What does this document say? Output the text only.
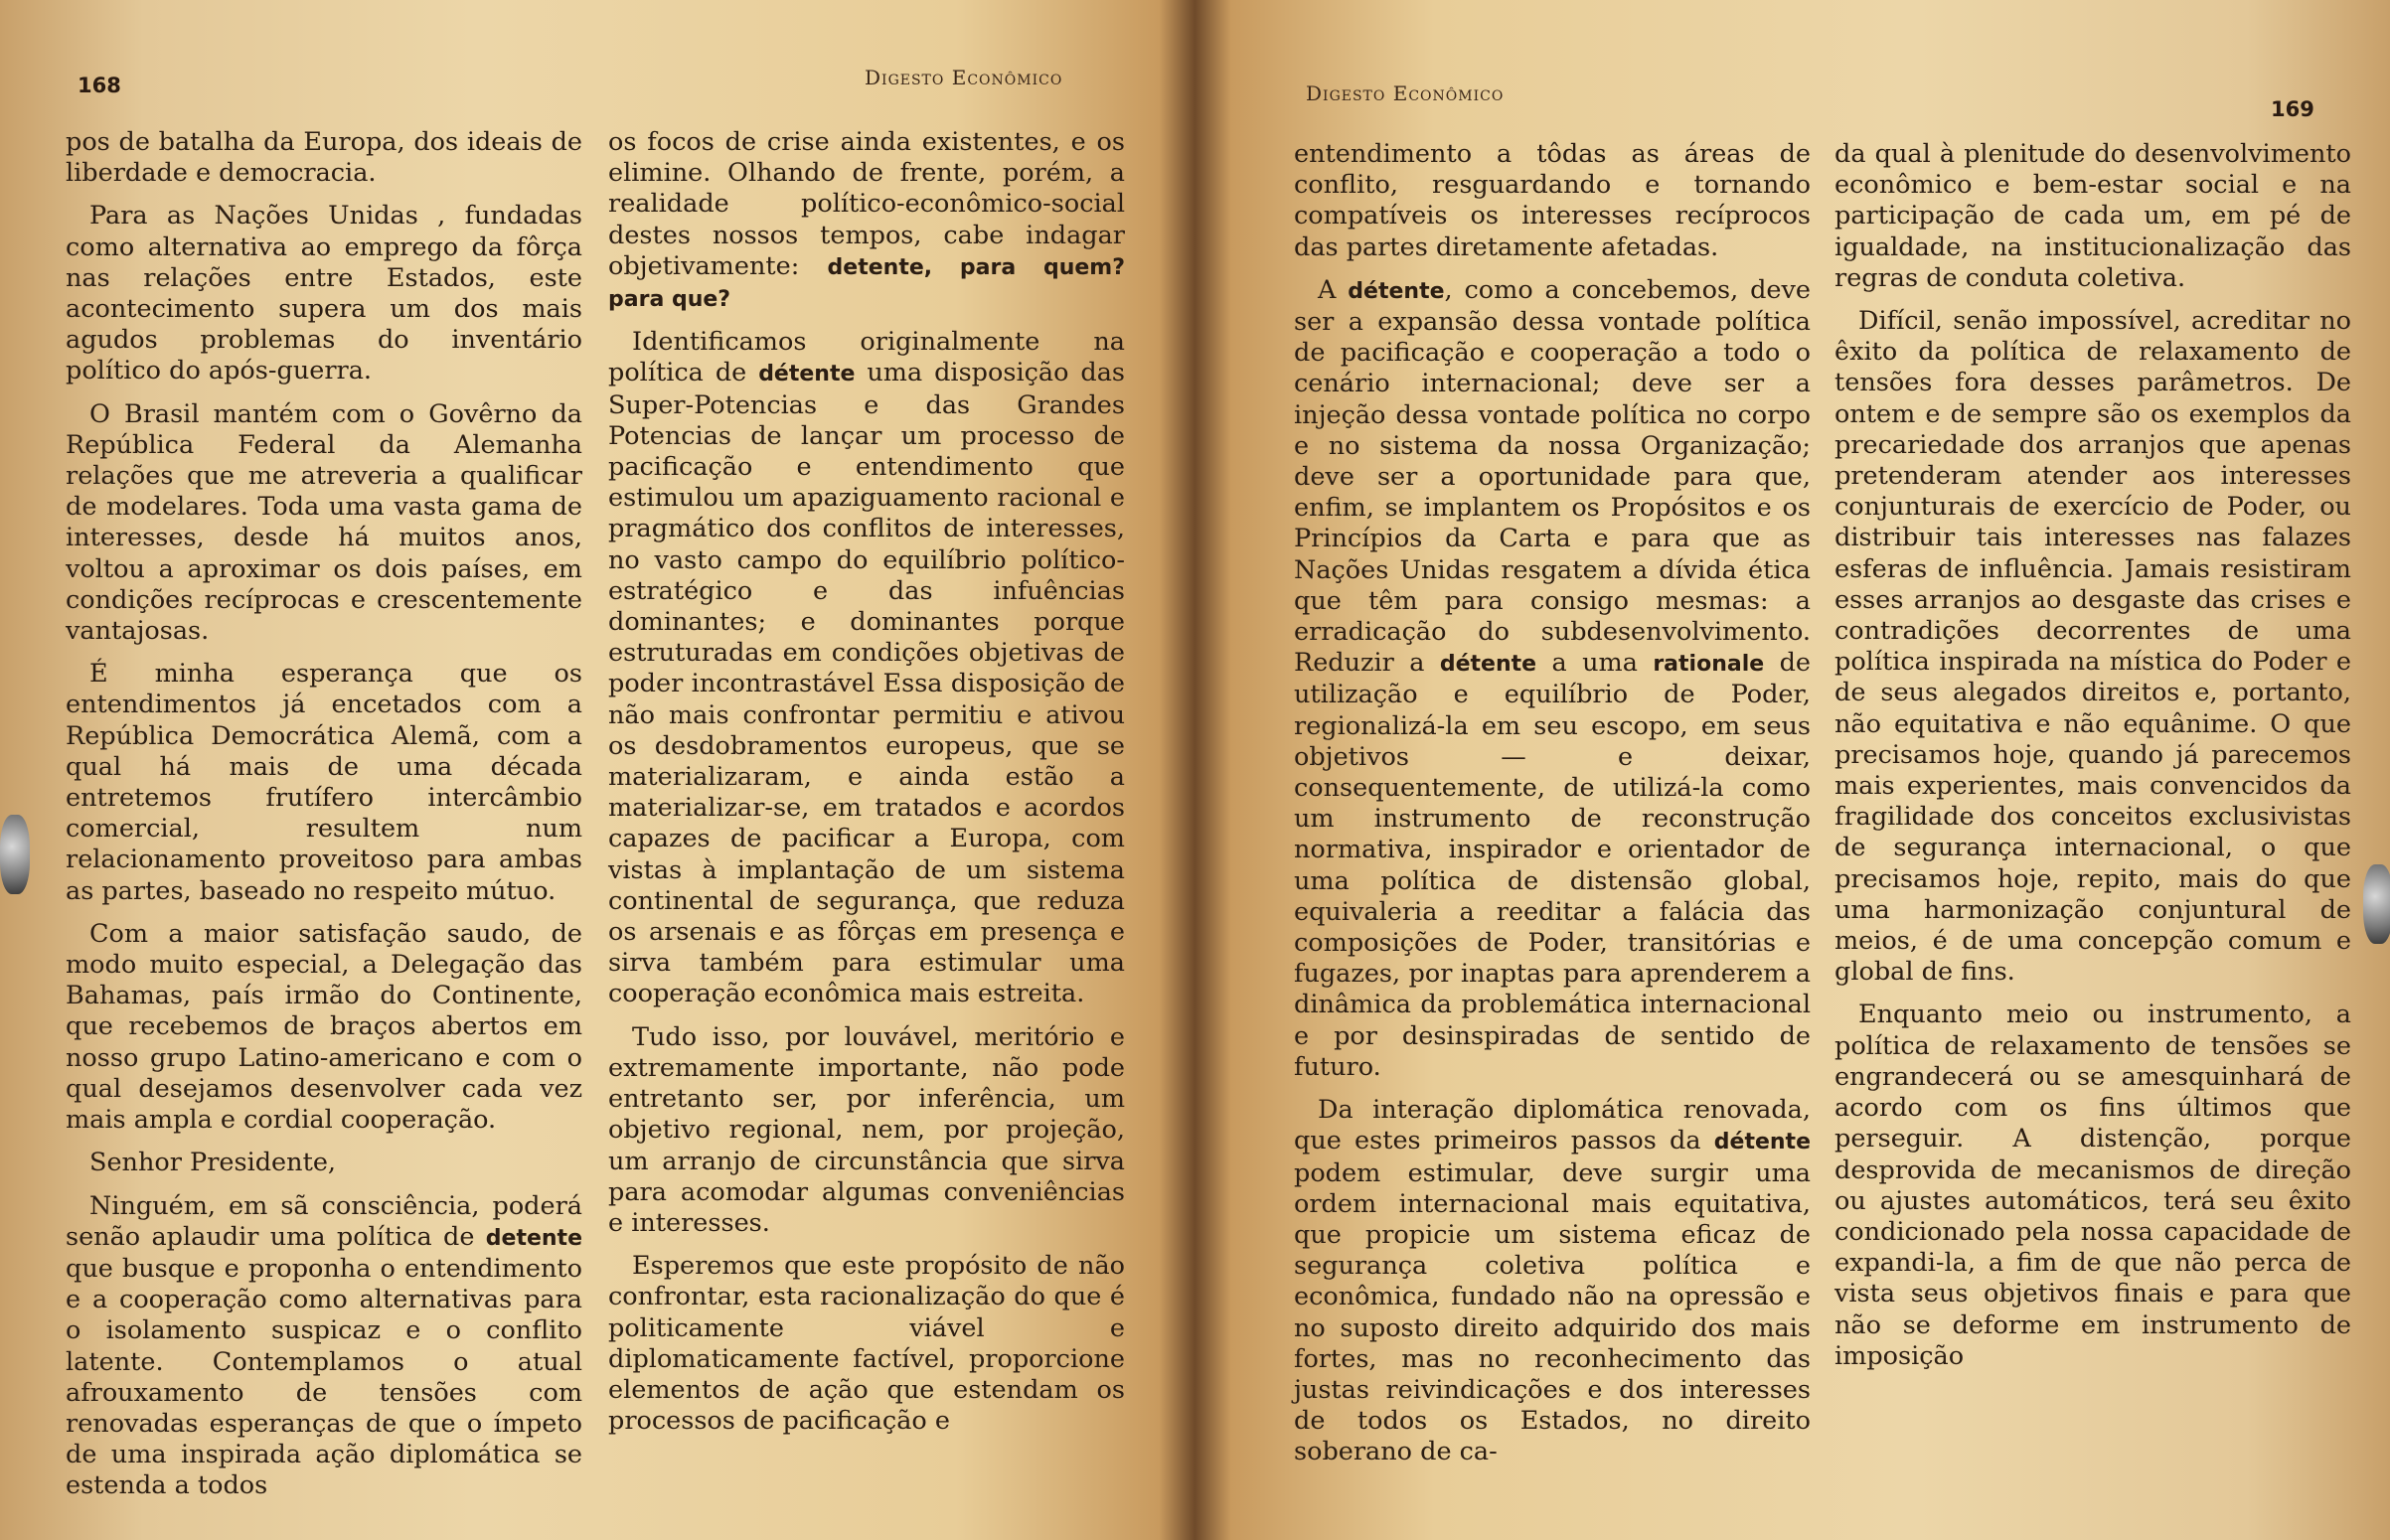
168	Digesto Econômico

pos de batalha da Europa, dos ideais de liberdade e democracia.

Para as Nações Unidas , fundadas como alternativa ao emprego da fôrça nas relações entre Estados, este acontecimento supera um dos mais agudos problemas do inventário político do após-guerra.

O Brasil mantém com o Govêrno da República Federal da Alemanha relações que me atreveria a qualificar de modelares. Toda uma vasta gama de interesses, desde há muitos anos, voltou a aproximar os dois países, em condições recíprocas e crescentemente vantajosas.

É minha esperança que os entendimentos já encetados com a República Democrática Alemã, com a qual há mais de uma década entretemos frutífero intercâmbio comercial, resultem num relacionamento proveitoso para ambas as partes, baseado no respeito mútuo.

Com a maior satisfação saudo, de modo muito especial, a Delegação das Bahamas, país irmão do Continente, que recebemos de braços abertos em nosso grupo Latino-americano e com o qual desejamos desenvolver cada vez mais ampla e cordial cooperação.

Senhor Presidente,

Ninguém, em sã consciência, poderá senão aplaudir uma política de detente que busque e proponha o entendimento e a cooperação como alternativas para o isolamento suspicaz e o conflito latente. Contemplamos o atual afrouxamento de tensões com renovadas esperanças de que o ímpeto de uma inspirada ação diplomática se estenda a todos

os focos de crise ainda existentes, e os elimine. Olhando de frente, porém, a realidade político-econômico-social destes nossos tempos, cabe indagar objetivamente: detente, para quem? para que?

Identificamos originalmente na política de détente uma disposição das Super-Potencias e das Grandes Potencias de lançar um processo de pacificação e entendimento que estimulou um apaziguamento racional e pragmático dos conflitos de interesses, no vasto campo do equilíbrio político-estratégico e das infuências dominantes; e dominantes porque estruturadas em condições objetivas de poder incontrastável Essa disposição de não mais confrontar permitiu e ativou os desdobramentos europeus, que se materializaram, e ainda estão a materializar-se, em tratados e acordos capazes de pacificar a Europa, com vistas à implantação de um sistema continental de segurança, que reduza os arsenais e as fôrças em presença e sirva também para estimular uma cooperação econômica mais estreita.

Tudo isso, por louvável, meritório e extremamente importante, não pode entretanto ser, por inferência, um objetivo regional, nem, por projeção, um arranjo de circunstância que sirva para acomodar algumas conveniências e interesses.

Esperemos que este propósito de não confrontar, esta racionalização do que é politicamente viável e diplomaticamente factível, proporcione elementos de ação que estendam os processos de pacificação e

Digesto Econômico
169

entendimento a tôdas as áreas de conflito, resguardando e tornando compatíveis os interesses recíprocos das partes diretamente afetadas.

A détente, como a concebemos, deve ser a expansão dessa vontade política de pacificação e cooperação a todo o cenário internacional; deve ser a injeção dessa vontade política no corpo e no sistema da nossa Organização; deve ser a oportunidade para que, enfim, se implantem os Propósitos e os Princípios da Carta e para que as Nações Unidas resgatem a dívida ética que têm para consigo mesmas: a erradicação do subdesenvolvimento. Reduzir a détente a uma rationale de utilização e equilíbrio de Poder, regionalizá-la em seu escopo, em seus objetivos — e deixar, consequentemente, de utilizá-la como um instrumento de reconstrução normativa, inspirador e orientador de uma política de distensão global, equivaleria a reeditar a falácia das composições de Poder, transitórias e fugazes, por inaptas para aprenderem a dinâmica da problemática internacional e por desinspiradas de sentido de futuro.

Da interação diplomática renovada, que estes primeiros passos da détente podem estimular, deve surgir uma ordem internacional mais equitativa, que propicie um sistema eficaz de segurança coletiva política e econômica, fundado não na opressão e no suposto direito adquirido dos mais fortes, mas no reconhecimento das justas reivindicações e dos interesses de todos os Estados, no direito soberano de ca-

da qual à plenitude do desenvolvimento econômico e bem-estar social e na participação de cada um, em pé de igualdade, na institucionalização das regras de conduta coletiva.

Difícil, senão impossível, acreditar no êxito da política de relaxamento de tensões fora desses parâmetros. De ontem e de sempre são os exemplos da precariedade dos arranjos que apenas pretenderam atender aos interesses conjunturais de exercício de Poder, ou distribuir tais interesses nas falazes esferas de influência. Jamais resistiram esses arranjos ao desgaste das crises e contradições decorrentes de uma política inspirada na mística do Poder e de seus alegados direitos e, portanto, não equitativa e não equânime. O que precisamos hoje, quando já parecemos mais experientes, mais convencidos da fragilidade dos conceitos exclusivistas de segurança internacional, o que precisamos hoje, repito, mais do que uma harmonização conjuntural de meios, é de uma concepção comum e global de fins.

Enquanto meio ou instrumento, a política de relaxamento de tensões se engrandecerá ou se amesquinhará de acordo com os fins últimos que perseguir. A distenção, porque desprovida de mecanismos de direção ou ajustes automáticos, terá seu êxito condicionado pela nossa capacidade de expandi-la, a fim de que não perca de vista seus objetivos finais e para que não se deforme em instrumento de imposição
